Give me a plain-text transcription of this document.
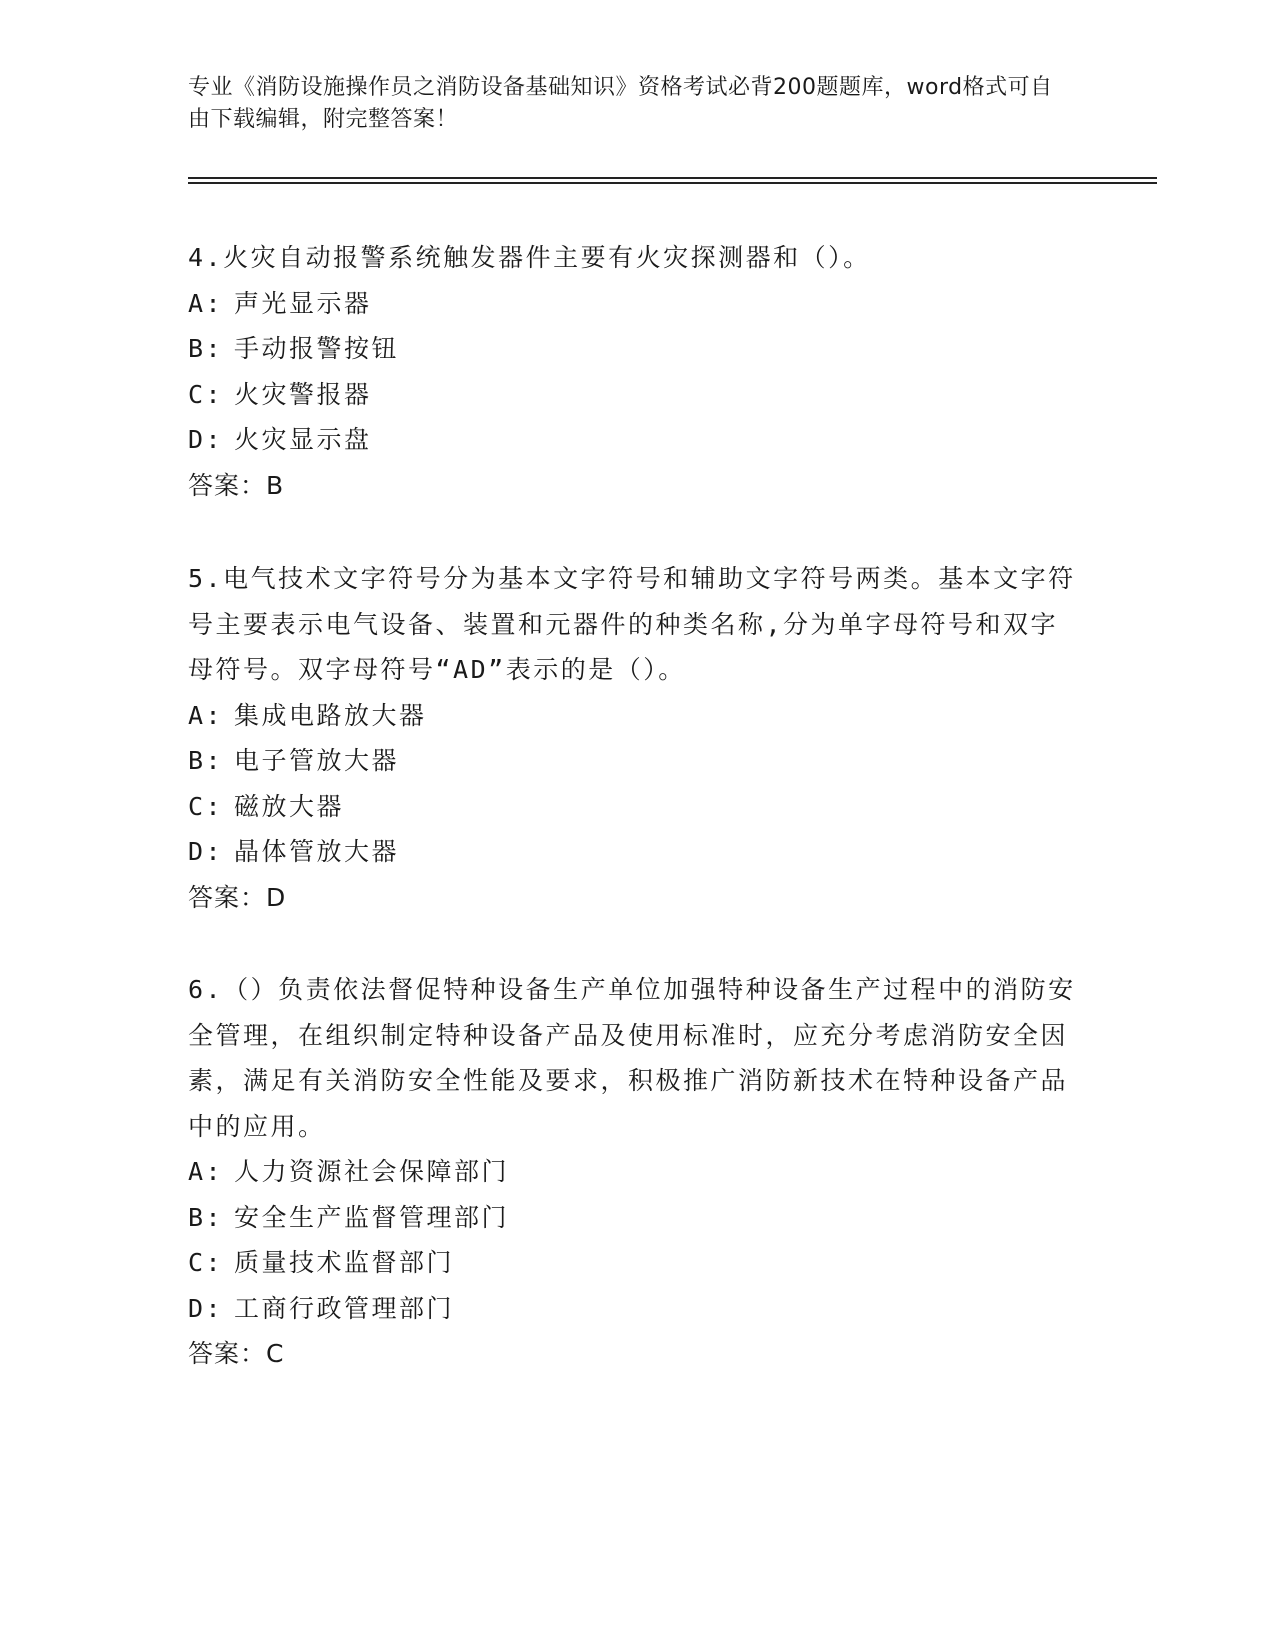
专业《消防设施操作员之消防设备基础知识》资格考试必背200题题库，word格式可自由下载编辑，附完整答案！

4.火灾自动报警系统触发器件主要有火灾探测器和（）。

A: 声光显示器

B: 手动报警按钮

C: 火灾警报器

D: 火灾显示盘

答案：B

5.电气技术文字符号分为基本文字符号和辅助文字符号两类。基本文字符号主要表示电气设备、装置和元器件的种类名称,分为单字母符号和双字母符号。双字母符号“AD”表示的是（）。

A: 集成电路放大器

B: 电子管放大器

C: 磁放大器

D: 晶体管放大器

答案：D

6.（）负责依法督促特种设备生产单位加强特种设备生产过程中的消防安全管理，在组织制定特种设备产品及使用标准时，应充分考虑消防安全因素，满足有关消防安全性能及要求，积极推广消防新技术在特种设备产品中的应用。

A: 人力资源社会保障部门

B: 安全生产监督管理部门

C: 质量技术监督部门

D: 工商行政管理部门

答案：C
